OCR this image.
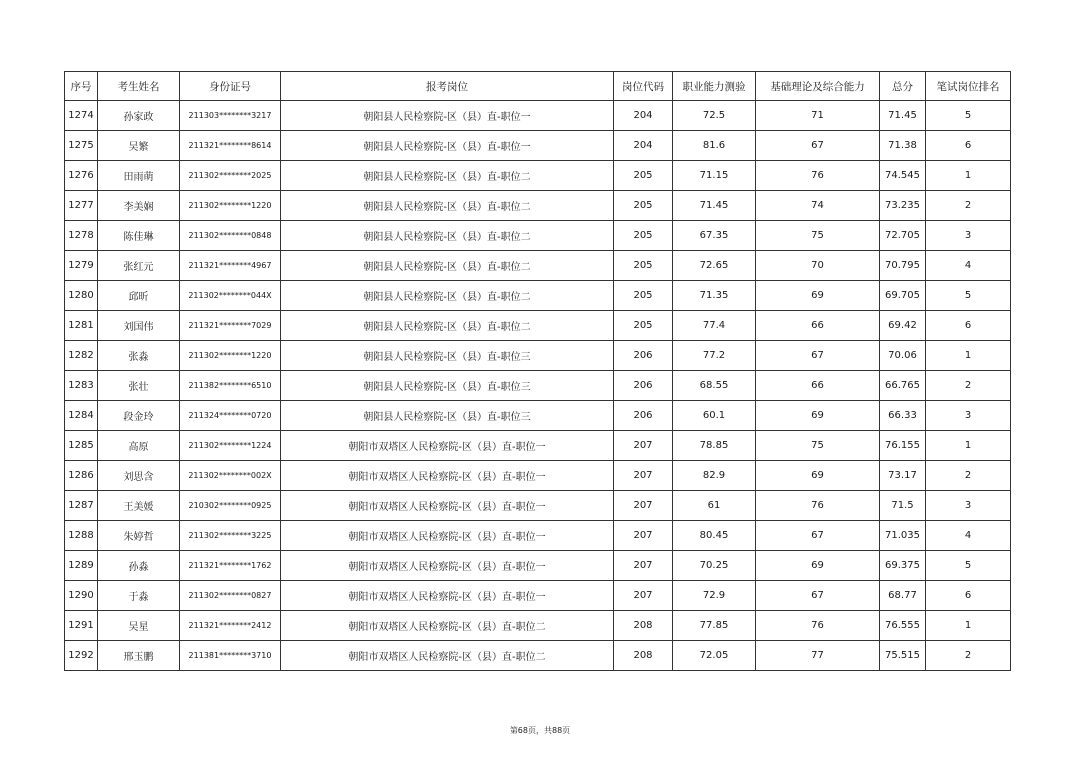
序号	考生姓名	身份证号	报考岗位	岗位代码	职业能力测验	基础理论及综合能力	总分	笔试岗位排名
1274	孙家政	211303********3217	朝阳县人民检察院-区（县）直-职位一	204	72.5	71	71.45	5
1275	吴繁	211321********8614	朝阳县人民检察院-区（县）直-职位一	204	81.6	67	71.38	6
1276	田雨萌	211302********2025	朝阳县人民检察院-区（县）直-职位二	205	71.15	76	74.545	1
1277	李美娴	211302********1220	朝阳县人民检察院-区（县）直-职位二	205	71.45	74	73.235	2
1278	陈佳琳	211302********0848	朝阳县人民检察院-区（县）直-职位二	205	67.35	75	72.705	3
1279	张红元	211321********4967	朝阳县人民检察院-区（县）直-职位二	205	72.65	70	70.795	4
1280	邱昕	211302********044X	朝阳县人民检察院-区（县）直-职位二	205	71.35	69	69.705	5
1281	刘国伟	211321********7029	朝阳县人民检察院-区（县）直-职位二	205	77.4	66	69.42	6
1282	张淼	211302********1220	朝阳县人民检察院-区（县）直-职位三	206	77.2	67	70.06	1
1283	张壮	211382********6510	朝阳县人民检察院-区（县）直-职位三	206	68.55	66	66.765	2
1284	段金玲	211324********0720	朝阳县人民检察院-区（县）直-职位三	206	60.1	69	66.33	3
1285	高原	211302********1224	朝阳市双塔区人民检察院-区（县）直-职位一	207	78.85	75	76.155	1
1286	刘思含	211302********002X	朝阳市双塔区人民检察院-区（县）直-职位一	207	82.9	69	73.17	2
1287	王美媛	210302********0925	朝阳市双塔区人民检察院-区（县）直-职位一	207	61	76	71.5	3
1288	朱婷哲	211302********3225	朝阳市双塔区人民检察院-区（县）直-职位一	207	80.45	67	71.035	4
1289	孙淼	211321********1762	朝阳市双塔区人民检察院-区（县）直-职位一	207	70.25	69	69.375	5
1290	于淼	211302********0827	朝阳市双塔区人民检察院-区（县）直-职位一	207	72.9	67	68.77	6
1291	吴星	211321********2412	朝阳市双塔区人民检察院-区（县）直-职位二	208	77.85	76	76.555	1
1292	邢玉鹏	211381********3710	朝阳市双塔区人民检察院-区（县）直-职位二	208	72.05	77	75.515	2
第68页，共88页
